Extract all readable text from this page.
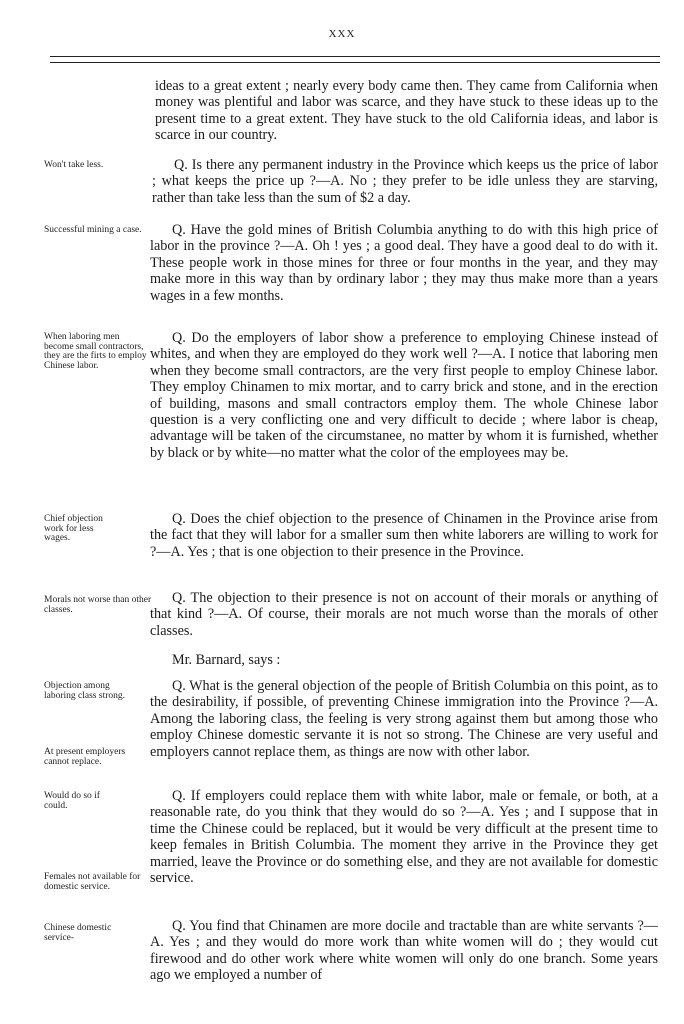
XXX
Won't take less.
Successful mining a case.
When laboring men become small contractors, they are the firts to employ Chinese labor.
Chief objection work for less wages.
Morals not worse than other classes.
Objection among laboring class strong.
At present employers cannot replace.
Would do so if could.
Females not available for domestic service.
Chinese domestic service-
ideas to a great extent ; nearly every body came then. They came from California when money was plentiful and labor was scarce, and they have stuck to these ideas up to the present time to a great extent. They have stuck to the old California ideas, and labor is scarce in our country.
Q. Is there any permanent industry in the Province which keeps us the price of labor ; what keeps the price up ?—A. No ; they prefer to be idle unless they are starving, rather than take less than the sum of $2 a day.
Q. Have the gold mines of British Columbia anything to do with this high price of labor in the province ?—A. Oh ! yes ; a good deal. They have a good deal to do with it. These people work in those mines for three or four months in the year, and they may make more in this way than by ordinary labor ; they may thus make more than a years wages in a few months.
Q. Do the employers of labor show a preference to employing Chinese instead of whites, and when they are employed do they work well ?—A. I notice that laboring men when they become small contractors, are the very first people to employ Chinese labor. They employ Chinamen to mix mortar, and to carry brick and stone, and in the erection of building, masons and small contractors employ them. The whole Chinese labor question is a very conflicting one and very difficult to decide ; where labor is cheap, advantage will be taken of the circumstanee, no matter by whom it is furnished, whether by black or by white—no matter what the color of the employees may be.
Q. Does the chief objection to the presence of Chinamen in the Province arise from the fact that they will labor for a smaller sum then white laborers are willing to work for ?—A. Yes ; that is one objection to their presence in the Province.
Q. The objection to their presence is not on account of their morals or anything of that kind ?—A. Of course, their morals are not much worse than the morals of other classes.
Mr. Barnard, says :
Q. What is the general objection of the people of British Columbia on this point, as to the desirability, if possible, of preventing Chinese immigration into the Province ?—A. Among the laboring class, the feeling is very strong against them but among those who employ Chinese domestic servante it is not so strong. The Chinese are very useful and employers cannot replace them, as things are now with other labor.
Q. If employers could replace them with white labor, male or female, or both, at a reasonable rate, do you think that they would do so ?—A. Yes ; and I suppose that in time the Chinese could be replaced, but it would be very difficult at the present time to keep females in British Columbia. The moment they arrive in the Province they get married, leave the Province or do something else, and they are not available for domestic service.
Q. You find that Chinamen are more docile and tractable than are white servants ?—A. Yes ; and they would do more work than white women will do ; they would cut firewood and do other work where white women will only do one branch. Some years ago we employed a number of
